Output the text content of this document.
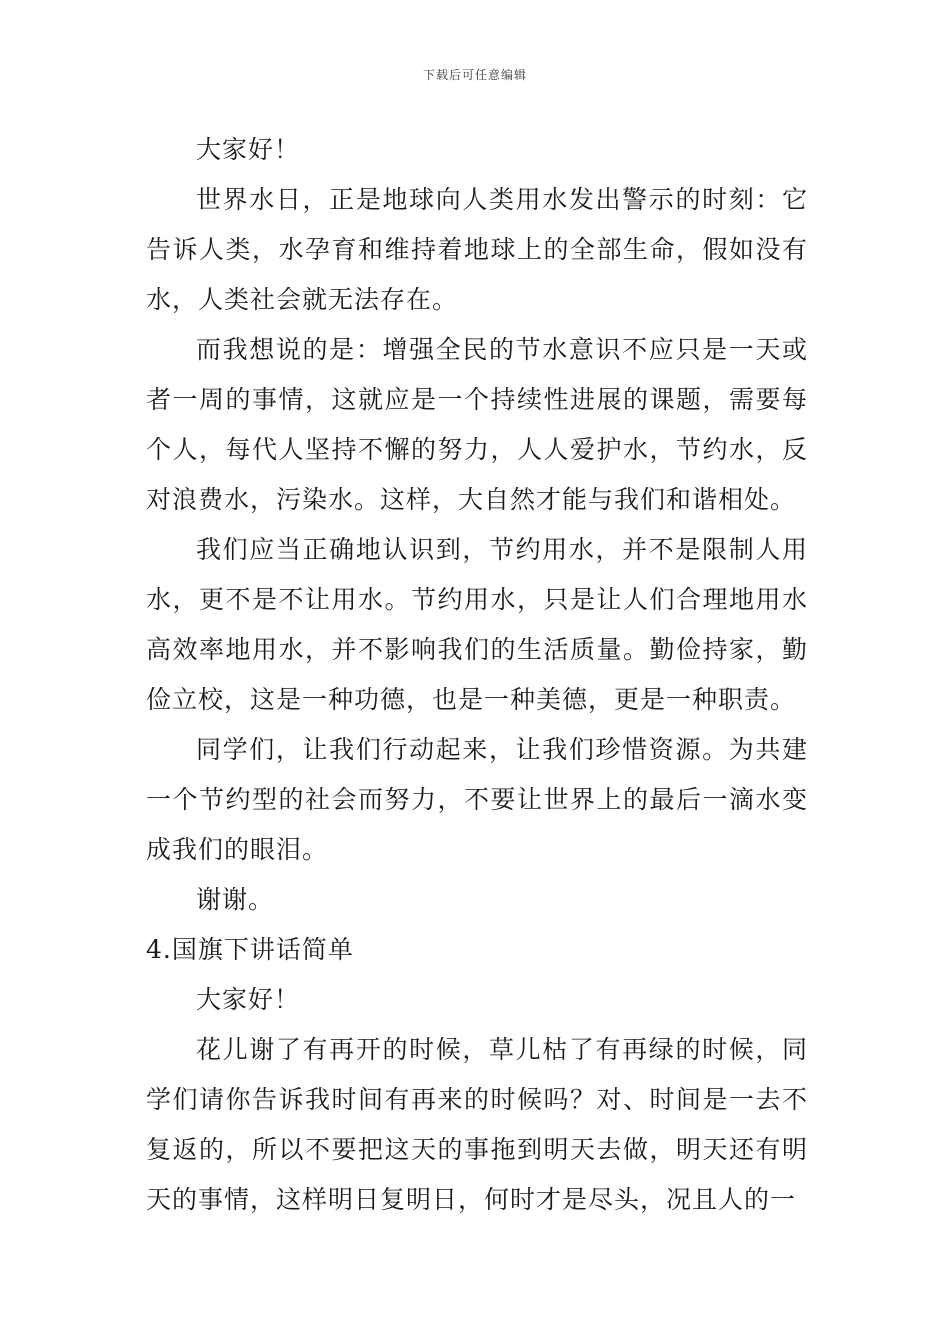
下载后可任意编辑

大家好！

世界水日，正是地球向人类用水发出警示的时刻：它告诉人类，水孕育和维持着地球上的全部生命，假如没有水，人类社会就无法存在。

而我想说的是：增强全民的节水意识不应只是一天或者一周的事情，这就应是一个持续性进展的课题，需要每个人，每代人坚持不懈的努力，人人爱护水，节约水，反对浪费水，污染水。这样，大自然才能与我们和谐相处。

我们应当正确地认识到，节约用水，并不是限制人用水，更不是不让用水。节约用水，只是让人们合理地用水高效率地用水，并不影响我们的生活质量。勤俭持家，勤俭立校，这是一种功德，也是一种美德，更是一种职责。

同学们，让我们行动起来，让我们珍惜资源。为共建一个节约型的社会而努力，不要让世界上的最后一滴水变成我们的眼泪。

谢谢。

4.国旗下讲话简单

大家好！

花儿谢了有再开的时候，草儿枯了有再绿的时候，同学们请你告诉我时间有再来的时候吗？对、时间是一去不复返的，所以不要把这天的事拖到明天去做，明天还有明天的事情，这样明日复明日，何时才是尽头，况且人的一
